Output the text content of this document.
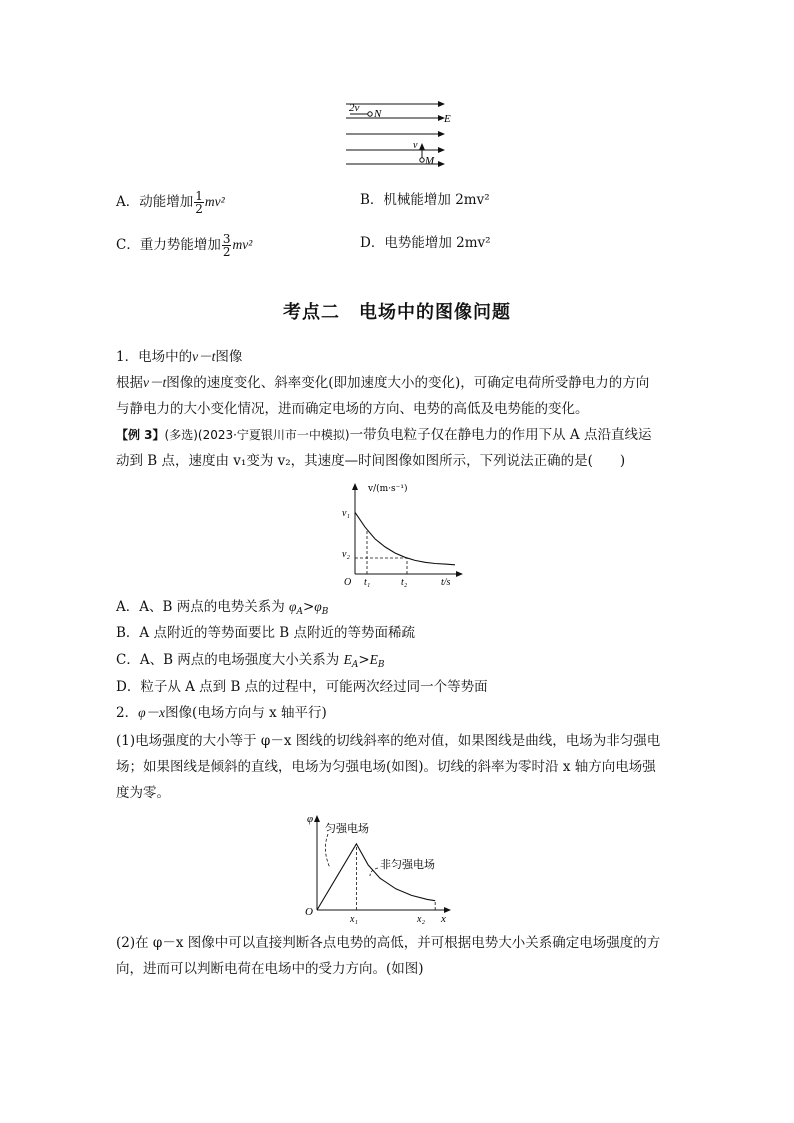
2v N	E
v
M
A．动能增加 $\frac{1}{2} mv^2$	B．机械能增加 2mv²
C．重力势能增加 $\frac{3}{2} mv^2$	D．电势能增加 2mv²
考点二　电场中的图像问题
1．电场中的v－t图像
根据v－t图像的速度变化、斜率变化(即加速度大小的变化)，可确定电荷所受静电力的方向
与静电力的大小变化情况，进而确定电场的方向、电势的高低及电势能的变化。
【例 3】(多选)(2023·宁夏银川市一中模拟)一带负电粒子仅在静电力的作用下从 A 点沿直线运
动到 B 点，速度由 v₁变为 v₂，其速度—时间图像如图所示，下列说法正确的是(　　)
v/(m·s⁻¹)
v₁
v₂
O t₁	t₂	t/s
A．A、B 两点的电势关系为 $\varphi_A>\varphi_B$
B．A 点附近的等势面要比 B 点附近的等势面稀疏
C．A、B 两点的电场强度大小关系为 $E_A>E_B$
D．粒子从 A 点到 B 点的过程中，可能两次经过同一个等势面
2．φ－x图像(电场方向与 x 轴平行)
(1)电场强度的大小等于 φ－x 图线的切线斜率的绝对值，如果图线是曲线，电场为非匀强电
场；如果图线是倾斜的直线，电场为匀强电场(如图)。切线的斜率为零时沿 x 轴方向电场强
度为零。
φ
匀强电场
非匀强电场
O
x₁	x₂ x
(2)在 φ－x 图像中可以直接判断各点电势的高低，并可根据电势大小关系确定电场强度的方
向，进而可以判断电荷在电场中的受力方向。(如图)
